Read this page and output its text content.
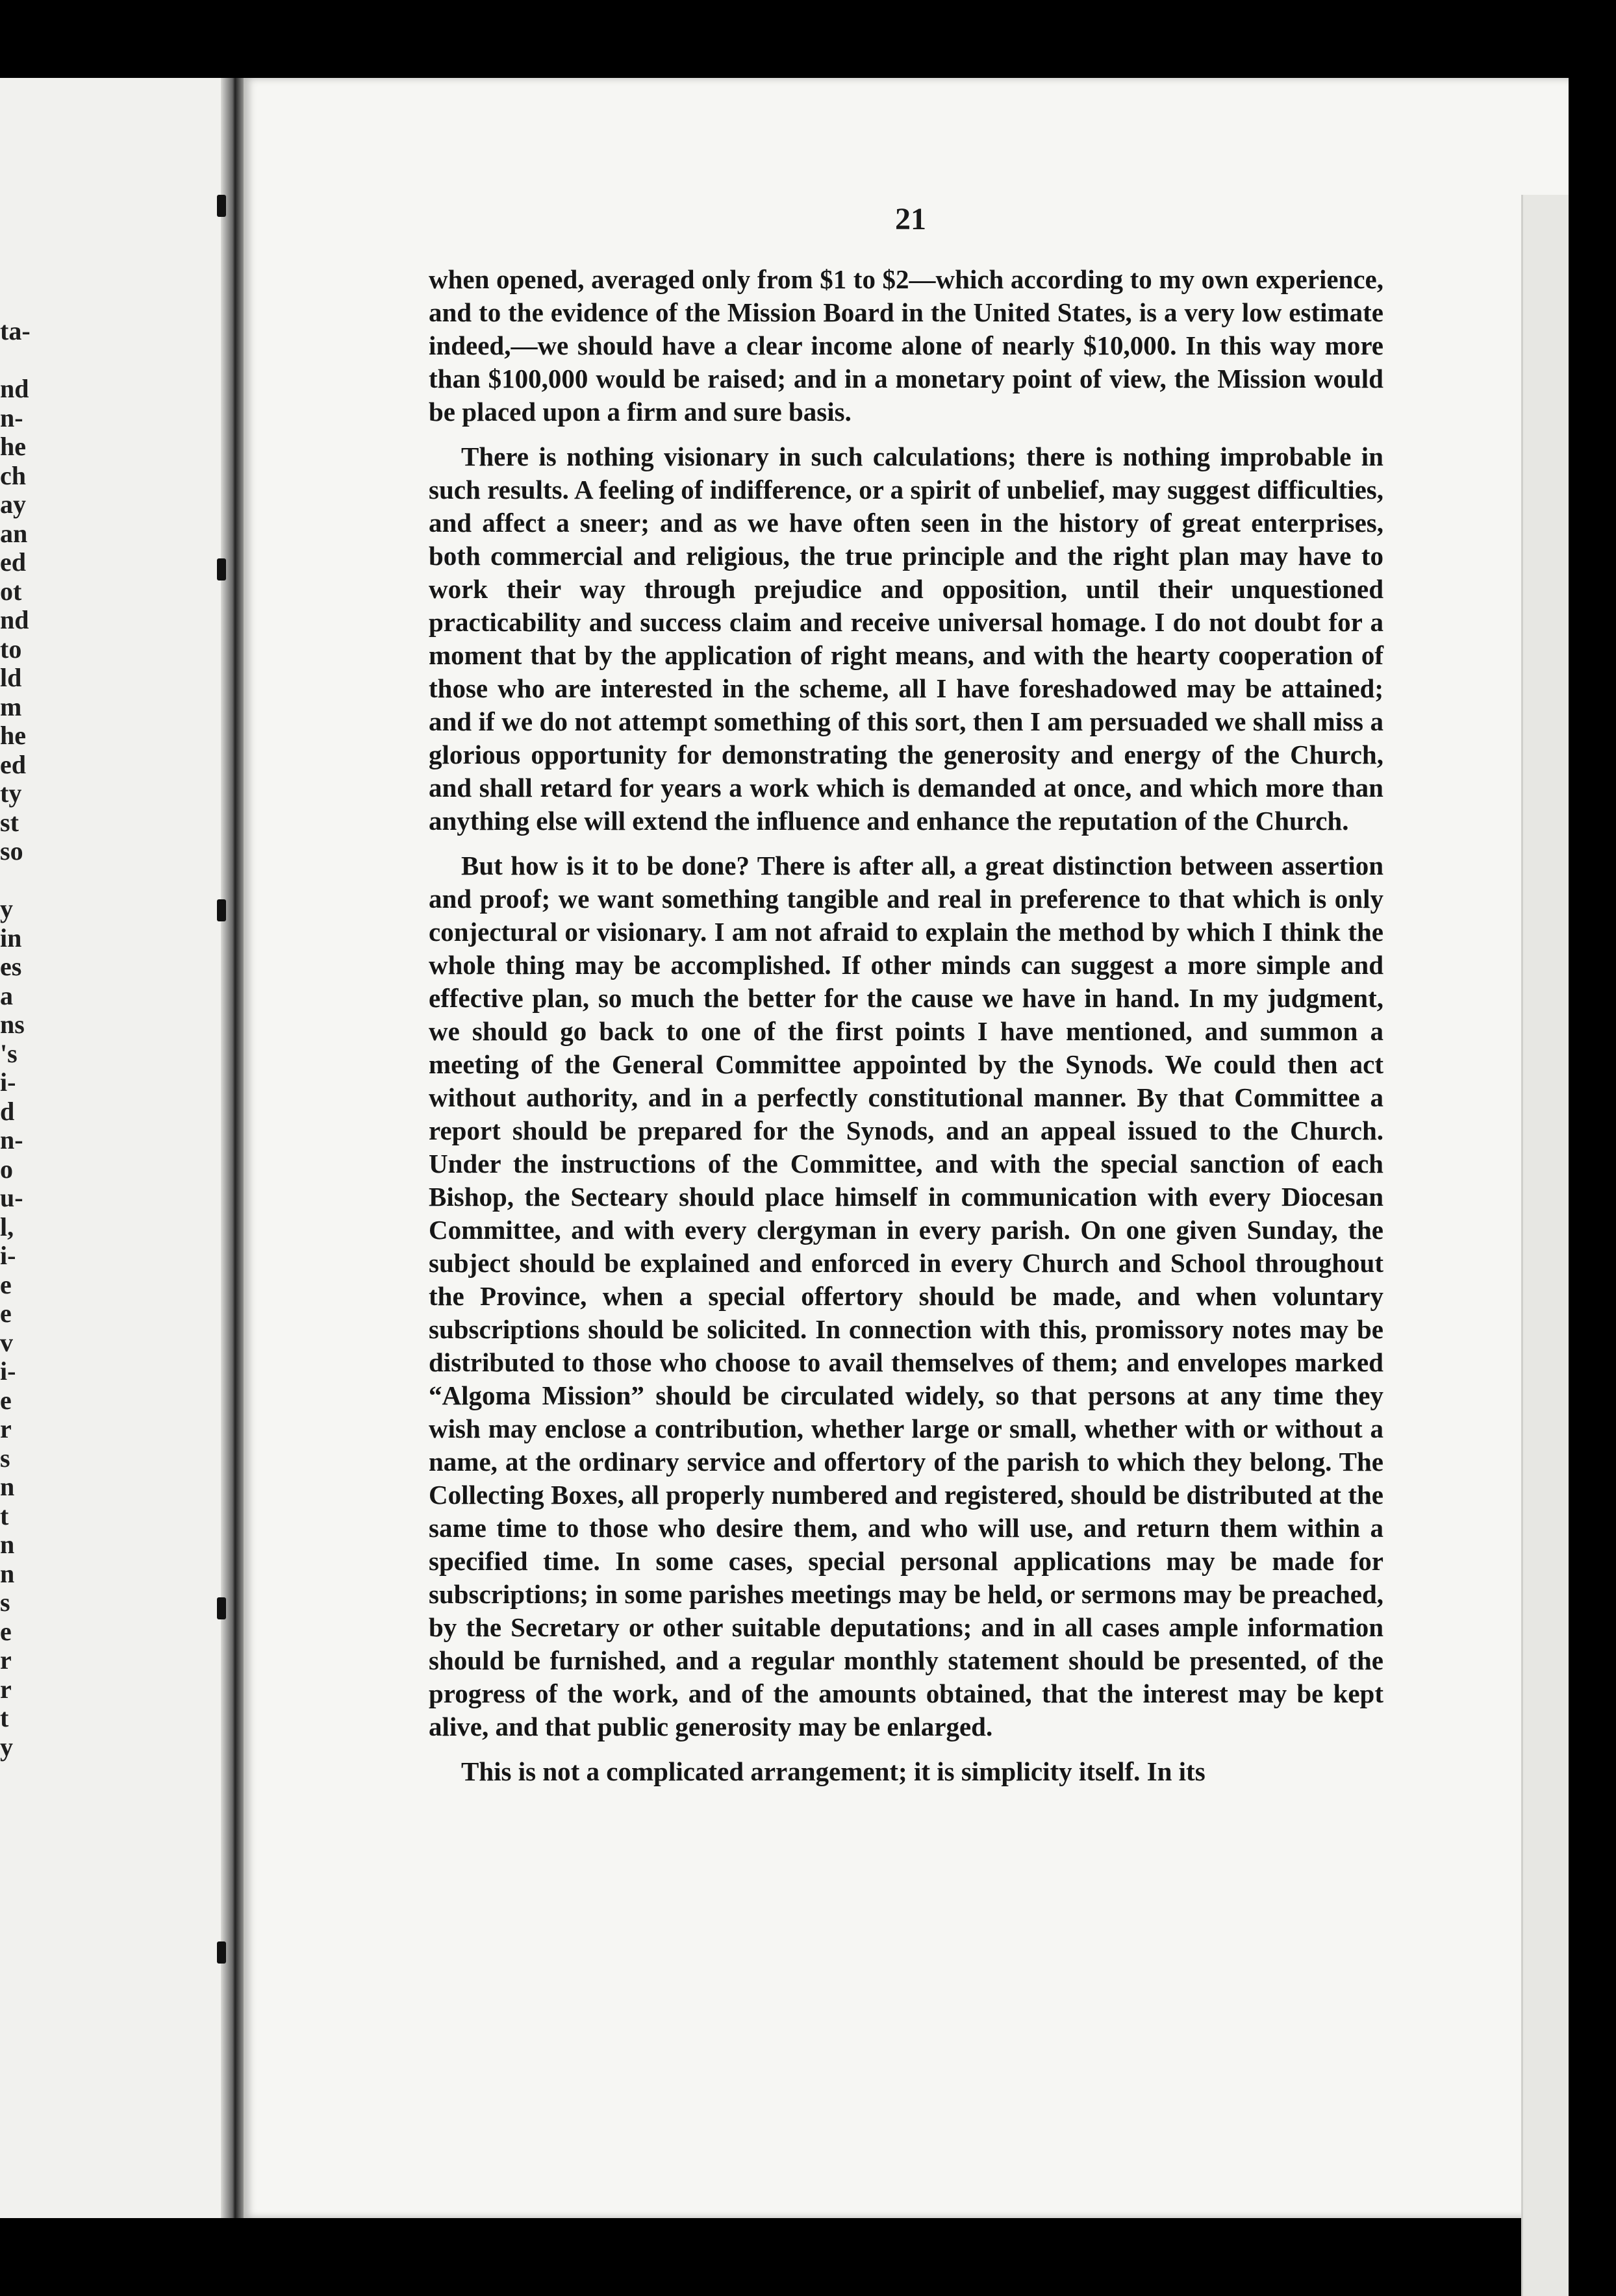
ta-

nd
n-
he
ch
ay
an
ed
ot
nd
to
ld
m
he
ed
ty
st
so

y
in
es
a
ns
's
i-
d
n-
o
u-
l,
i-
e
e
v
i-
e
r
s
n
t
n
n
s
e
r
r
t
y
21

when opened, averaged only from $1 to $2—which according to my own experience, and to the evidence of the Mission Board in the United States, is a very low estimate indeed,—we should have a clear income alone of nearly $10,000. In this way more than $100,000 would be raised; and in a monetary point of view, the Mission would be placed upon a firm and sure basis.

There is nothing visionary in such calculations; there is nothing improbable in such results. A feeling of indifference, or a spirit of unbelief, may suggest difficulties, and affect a sneer; and as we have often seen in the history of great enterprises, both commercial and religious, the true principle and the right plan may have to work their way through prejudice and opposition, until their unquestioned practicability and success claim and receive universal homage. I do not doubt for a moment that by the application of right means, and with the hearty cooperation of those who are interested in the scheme, all I have foreshadowed may be attained; and if we do not attempt something of this sort, then I am persuaded we shall miss a glorious opportunity for demonstrating the generosity and energy of the Church, and shall retard for years a work which is demanded at once, and which more than anything else will extend the influence and enhance the reputation of the Church.

But how is it to be done? There is after all, a great distinction between assertion and proof; we want something tangible and real in preference to that which is only conjectural or visionary. I am not afraid to explain the method by which I think the whole thing may be accomplished. If other minds can suggest a more simple and effective plan, so much the better for the cause we have in hand. In my judgment, we should go back to one of the first points I have mentioned, and summon a meeting of the General Committee appointed by the Synods. We could then act without authority, and in a perfectly constitutional manner. By that Committee a report should be prepared for the Synods, and an appeal issued to the Church. Under the instructions of the Committee, and with the special sanction of each Bishop, the Secteary should place himself in communication with every Diocesan Committee, and with every clergyman in every parish. On one given Sunday, the subject should be explained and enforced in every Church and School throughout the Province, when a special offertory should be made, and when voluntary subscriptions should be solicited. In connection with this, promissory notes may be distributed to those who choose to avail themselves of them; and envelopes marked “Algoma Mission” should be circulated widely, so that persons at any time they wish may enclose a contribution, whether large or small, whether with or without a name, at the ordinary service and offertory of the parish to which they belong. The Collecting Boxes, all properly numbered and registered, should be distributed at the same time to those who desire them, and who will use, and return them within a specified time. In some cases, special personal applications may be made for subscriptions; in some parishes meetings may be held, or sermons may be preached, by the Secretary or other suitable deputations; and in all cases ample information should be furnished, and a regular monthly statement should be presented, of the progress of the work, and of the amounts obtained, that the interest may be kept alive, and that public generosity may be enlarged.

This is not a complicated arrangement; it is simplicity itself. In its
